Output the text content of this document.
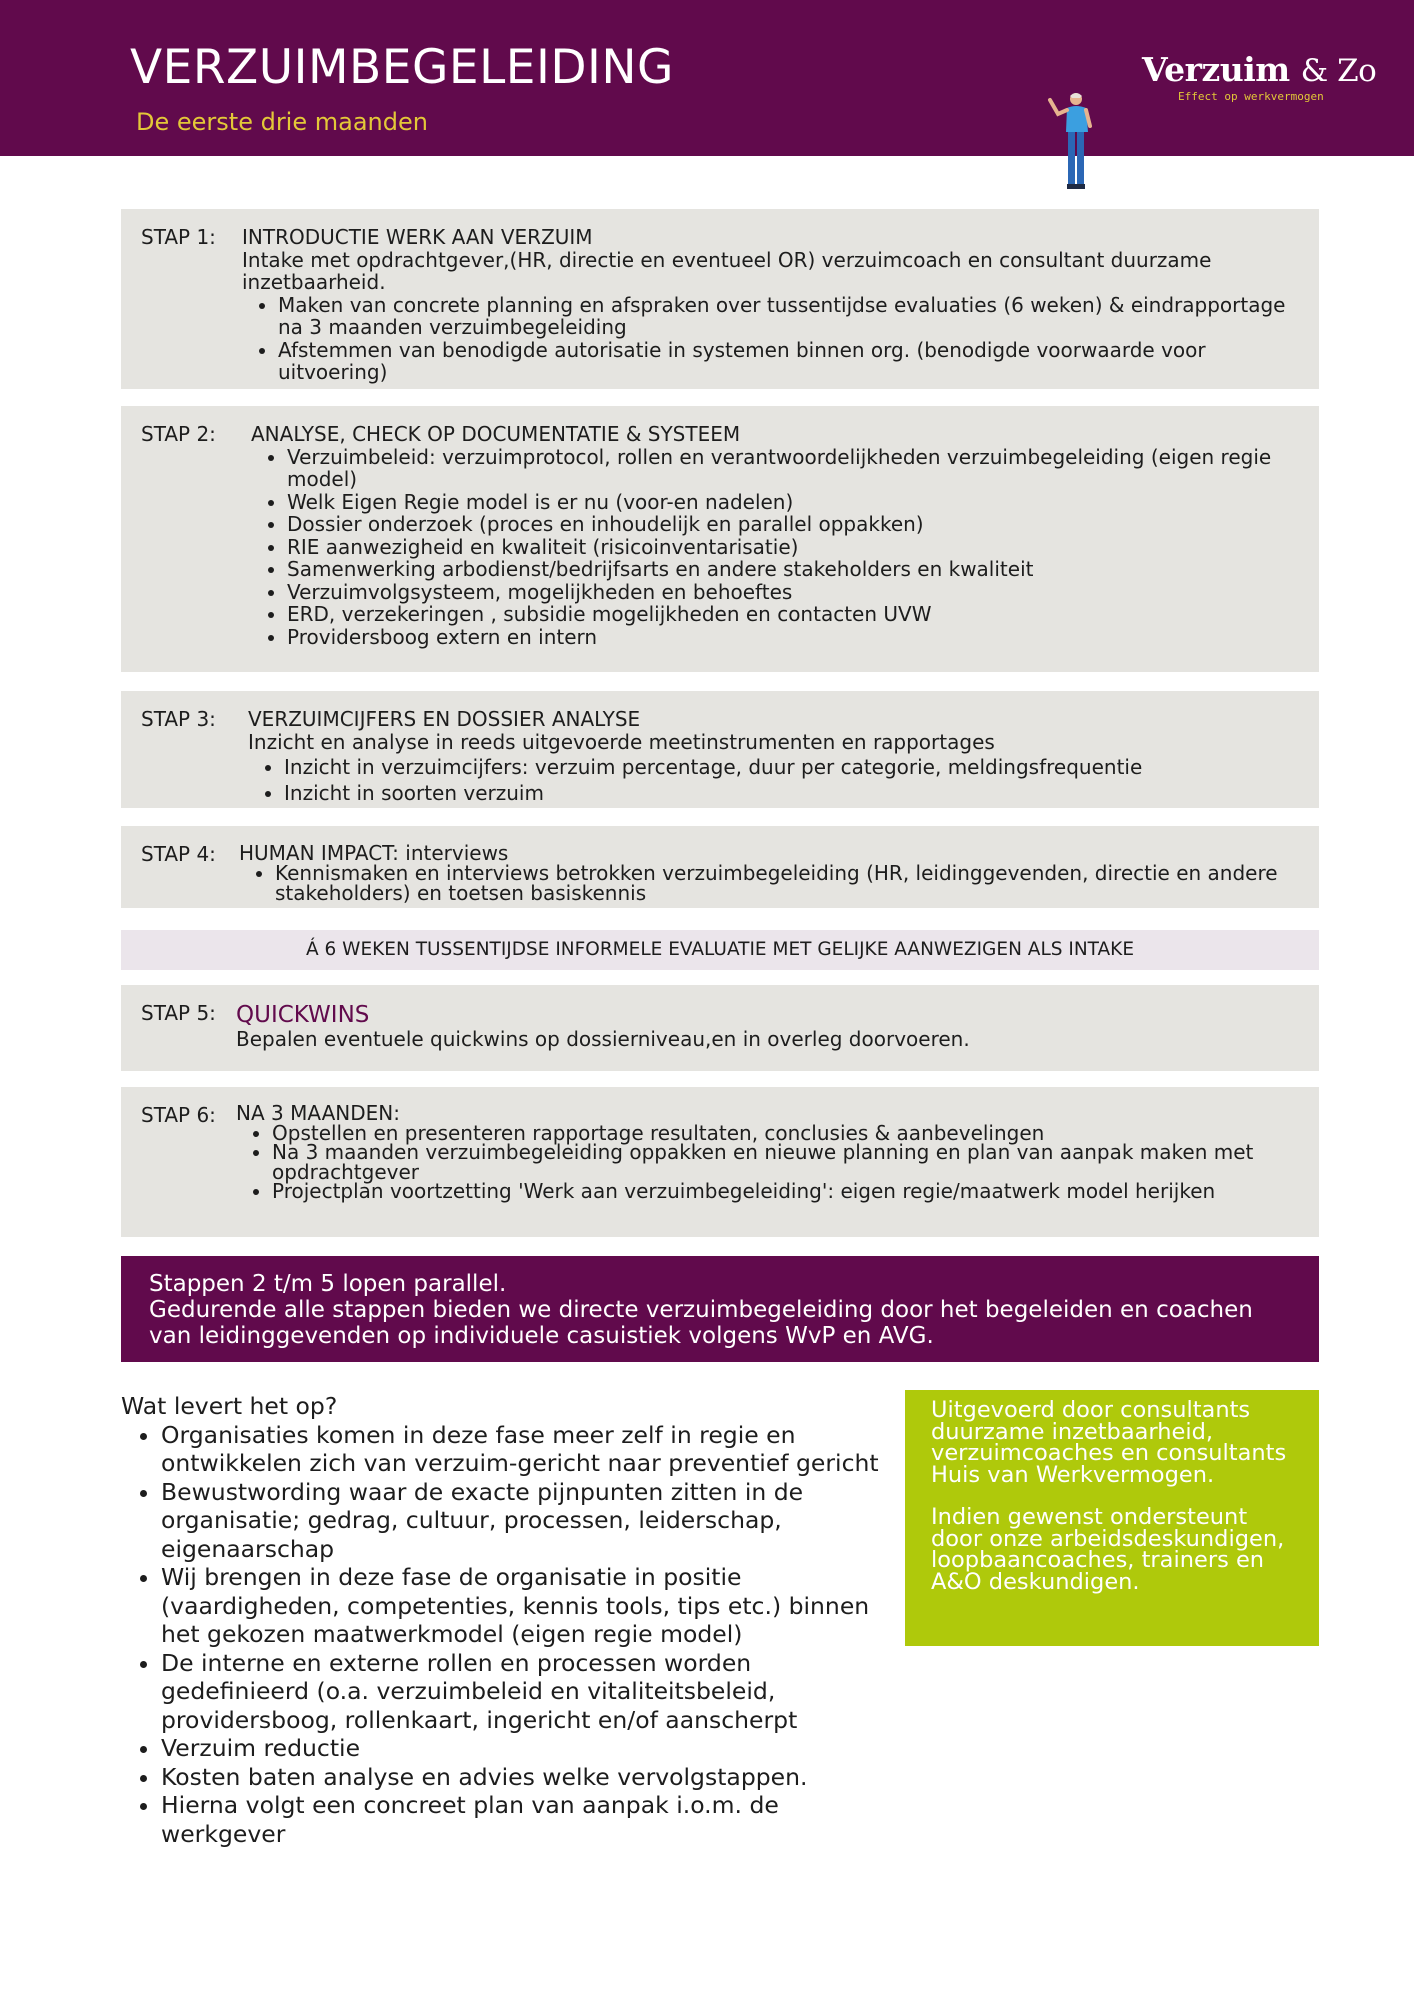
VERZUIMBEGELEIDING
De eerste drie maanden
Verzuim & Zo
Effect op werkvermogen
STAP 1: INTRODUCTIE WERK AAN VERZUIM
Intake met opdrachtgever,(HR, directie en eventueel OR) verzuimcoach en consultant duurzame inzetbaarheid.
• Maken van concrete planning en afspraken over tussentijdse evaluaties (6 weken) & eindrapportage na 3 maanden verzuimbegeleiding
• Afstemmen van benodigde autorisatie in systemen binnen org. (benodigde voorwaarde voor uitvoering)
STAP 2: ANALYSE, CHECK OP DOCUMENTATIE & SYSTEEM
• Verzuimbeleid: verzuimprotocol, rollen en verantwoordelijkheden verzuimbegeleiding (eigen regie model)
• Welk Eigen Regie model is er nu (voor-en nadelen)
• Dossier onderzoek (proces en inhoudelijk en parallel oppakken)
• RIE aanwezigheid en kwaliteit (risicoinventarisatie)
• Samenwerking arbodienst/bedrijfsarts en andere stakeholders en kwaliteit
• Verzuimvolgsysteem, mogelijkheden en behoeftes
• ERD, verzekeringen , subsidie mogelijkheden en contacten UVW
• Providersboog extern en intern
STAP 3: VERZUIMCIJFERS EN DOSSIER ANALYSE
Inzicht en analyse in reeds uitgevoerde meetinstrumenten en rapportages
• Inzicht in verzuimcijfers: verzuim percentage, duur per categorie, meldingsfrequentie
• Inzicht in soorten verzuim
STAP 4: HUMAN IMPACT: interviews
• Kennismaken en interviews betrokken verzuimbegeleiding (HR, leidinggevenden, directie en andere stakeholders) en toetsen basiskennis
Á 6 WEKEN TUSSENTIJDSE INFORMELE EVALUATIE MET GELIJKE AANWEZIGEN ALS INTAKE
STAP 5: QUICKWINS
Bepalen eventuele quickwins op dossierniveau,en in overleg doorvoeren.
STAP 6: NA 3 MAANDEN:
• Opstellen en presenteren rapportage resultaten, conclusies & aanbevelingen
• Na 3 maanden verzuimbegeleiding oppakken en nieuwe planning en plan van aanpak maken met opdrachtgever
• Projectplan voortzetting 'Werk aan verzuimbegeleiding': eigen regie/maatwerk model herijken
Stappen 2 t/m 5 lopen parallel.
Gedurende alle stappen bieden we directe verzuimbegeleiding door het begeleiden en coachen van leidinggevenden op individuele casuistiek volgens WvP en AVG.
Wat levert het op?
• Organisaties komen in deze fase meer zelf in regie en ontwikkelen zich van verzuim-gericht naar preventief gericht
• Bewustwording waar de exacte pijnpunten zitten in de organisatie; gedrag, cultuur, processen, leiderschap, eigenaarschap
• Wij brengen in deze fase de organisatie in positie (vaardigheden, competenties, kennis tools, tips etc.) binnen het gekozen maatwerkmodel (eigen regie model)
• De interne en externe rollen en processen worden gedefinieerd (o.a. verzuimbeleid en vitaliteitsbeleid, providersboog, rollenkaart, ingericht en/of aanscherpt
• Verzuim reductie
• Kosten baten analyse en advies welke vervolgstappen.
• Hierna volgt een concreet plan van aanpak i.o.m. de werkgever

Uitgevoerd door consultants duurzame inzetbaarheid, verzuimcoaches en consultants Huis van Werkvermogen.

Indien gewenst ondersteunt door onze arbeidsdeskundigen, loopbaancoaches, trainers en A&O deskundigen.
